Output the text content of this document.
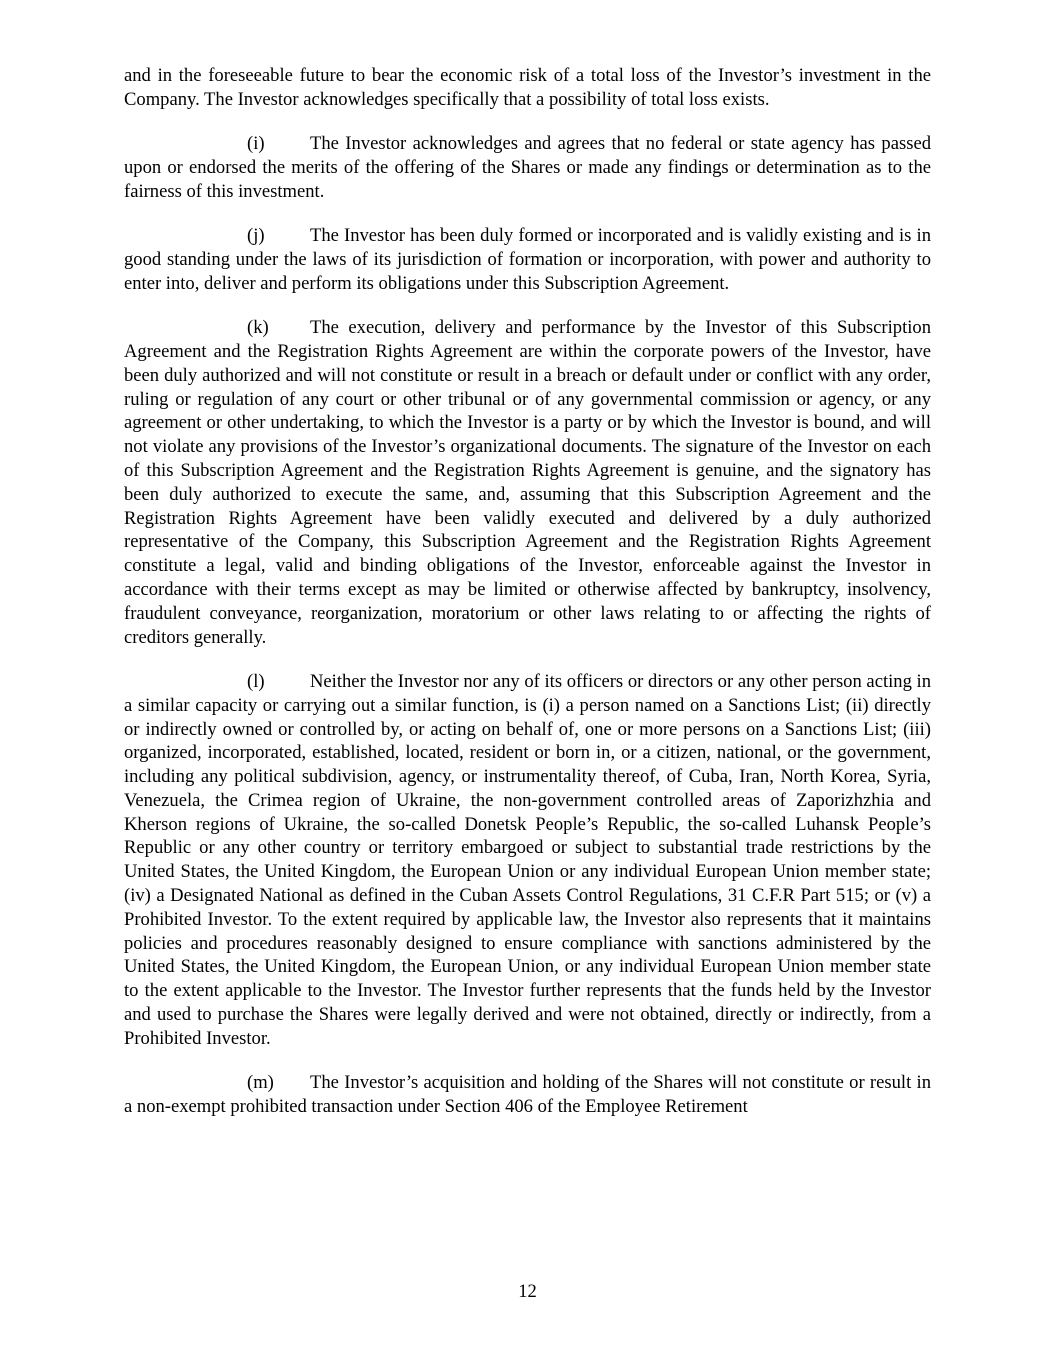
and in the foreseeable future to bear the economic risk of a total loss of the Investor’s investment in the Company. The Investor acknowledges specifically that a possibility of total loss exists.

(i) The Investor acknowledges and agrees that no federal or state agency has passed upon or endorsed the merits of the offering of the Shares or made any findings or determination as to the fairness of this investment.

(j) The Investor has been duly formed or incorporated and is validly existing and is in good standing under the laws of its jurisdiction of formation or incorporation, with power and authority to enter into, deliver and perform its obligations under this Subscription Agreement.

(k) The execution, delivery and performance by the Investor of this Subscription Agreement and the Registration Rights Agreement are within the corporate powers of the Investor, have been duly authorized and will not constitute or result in a breach or default under or conflict with any order, ruling or regulation of any court or other tribunal or of any governmental commission or agency, or any agreement or other undertaking, to which the Investor is a party or by which the Investor is bound, and will not violate any provisions of the Investor’s organizational documents. The signature of the Investor on each of this Subscription Agreement and the Registration Rights Agreement is genuine, and the signatory has been duly authorized to execute the same, and, assuming that this Subscription Agreement and the Registration Rights Agreement have been validly executed and delivered by a duly authorized representative of the Company, this Subscription Agreement and the Registration Rights Agreement constitute a legal, valid and binding obligations of the Investor, enforceable against the Investor in accordance with their terms except as may be limited or otherwise affected by bankruptcy, insolvency, fraudulent conveyance, reorganization, moratorium or other laws relating to or affecting the rights of creditors generally.

(l) Neither the Investor nor any of its officers or directors or any other person acting in a similar capacity or carrying out a similar function, is (i) a person named on a Sanctions List; (ii) directly or indirectly owned or controlled by, or acting on behalf of, one or more persons on a Sanctions List; (iii) organized, incorporated, established, located, resident or born in, or a citizen, national, or the government, including any political subdivision, agency, or instrumentality thereof, of Cuba, Iran, North Korea, Syria, Venezuela, the Crimea region of Ukraine, the non-government controlled areas of Zaporizhzhia and Kherson regions of Ukraine, the so-called Donetsk People’s Republic, the so-called Luhansk People’s Republic or any other country or territory embargoed or subject to substantial trade restrictions by the United States, the United Kingdom, the European Union or any individual European Union member state; (iv) a Designated National as defined in the Cuban Assets Control Regulations, 31 C.F.R Part 515; or (v) a Prohibited Investor. To the extent required by applicable law, the Investor also represents that it maintains policies and procedures reasonably designed to ensure compliance with sanctions administered by the United States, the United Kingdom, the European Union, or any individual European Union member state to the extent applicable to the Investor. The Investor further represents that the funds held by the Investor and used to purchase the Shares were legally derived and were not obtained, directly or indirectly, from a Prohibited Investor.

(m) The Investor’s acquisition and holding of the Shares will not constitute or result in a non-exempt prohibited transaction under Section 406 of the Employee Retirement

12
